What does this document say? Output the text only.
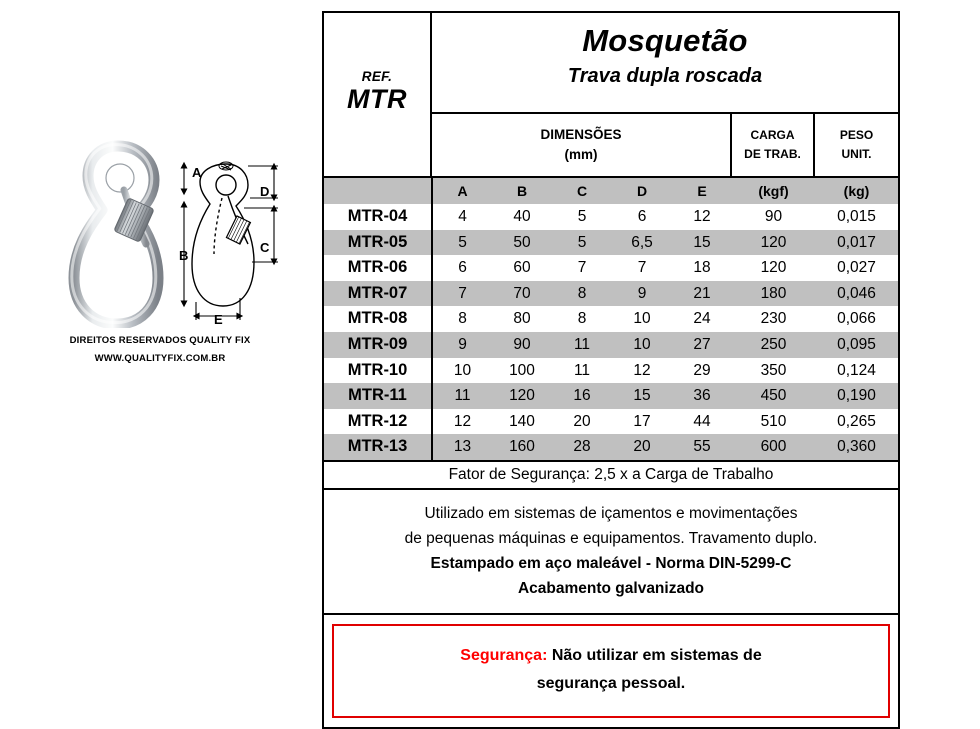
A
B
C
D
E
DIREITOS RESERVADOS QUALITY FIX
WWW.QUALITYFIX.COM.BR
REF.
MTR
Mosquetão
Trava dupla roscada
DIMENSÕES
(mm)
CARGA
DE TRAB.
PESO
UNIT.
	A	B	C	D	E	(kgf)	(kg)
MTR-04	4	40	5	6	12	90	0,015
MTR-05	5	50	5	6,5	15	120	0,017
MTR-06	6	60	7	7	18	120	0,027
MTR-07	7	70	8	9	21	180	0,046
MTR-08	8	80	8	10	24	230	0,066
MTR-09	9	90	11	10	27	250	0,095
MTR-10	10	100	11	12	29	350	0,124
MTR-11	11	120	16	15	36	450	0,190
MTR-12	12	140	20	17	44	510	0,265
MTR-13	13	160	28	20	55	600	0,360
Fator de Segurança: 2,5 x a Carga de Trabalho
Utilizado em sistemas de içamentos e movimentações
de pequenas máquinas e equipamentos. Travamento duplo.
Estampado em aço maleável - Norma DIN-5299-C
Acabamento galvanizado
Segurança: Não utilizar em sistemas de
segurança pessoal.
